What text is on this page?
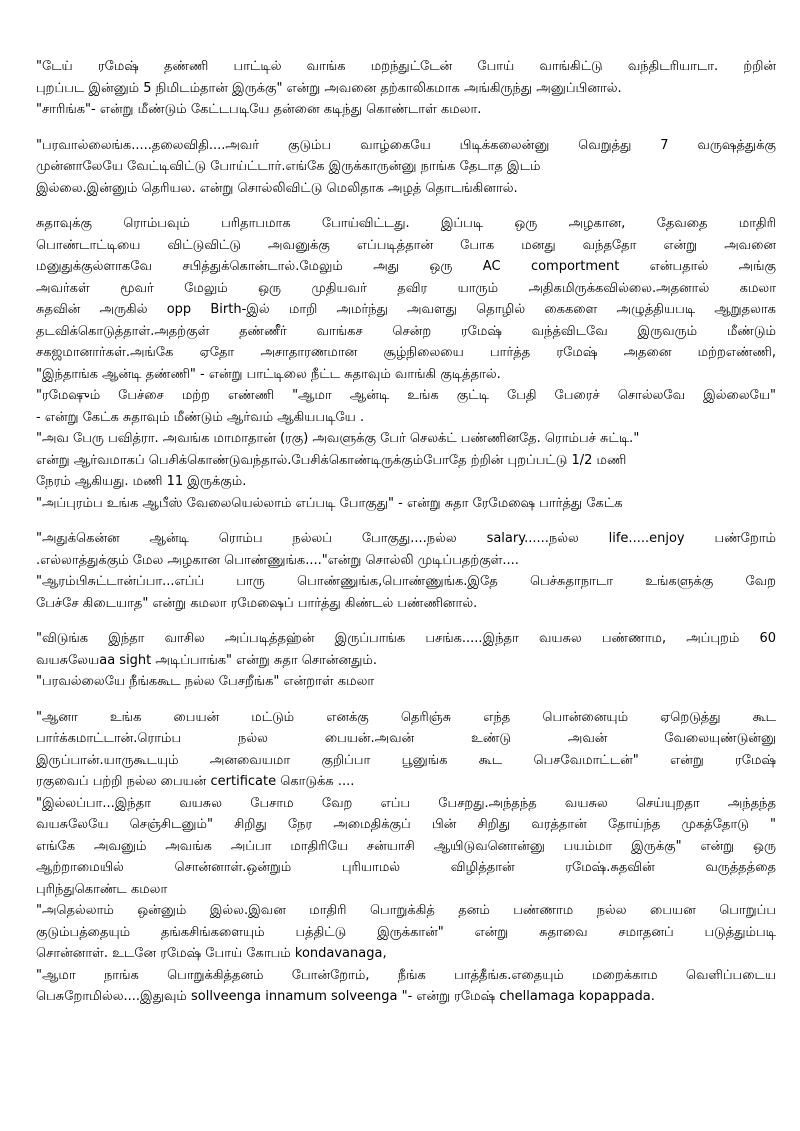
"டேய் ரமேஷ் தண்ணி பாட்டில் வாங்க மறந்துட்டேன் போய் வாங்கிட்டு வந்திடரியாடா. ற்றின்
புறப்பட இன்னும் 5 நிமிடம்தான் இருக்கு" என்று அவனை தற்காலிகமாக அங்கிருந்து அனுப்பினால்.
"சாரிங்க"- என்று மீண்டும் கேட்டபடியே தன்னை கடிந்து கொண்டாள் கமலா.
"பரவால்லைங்க.....தலைவிதி....அவர் குடும்ப வாழ்கையே பிடிக்கலைன்னு வெறுத்து 7 வருஷத்துக்கு
முன்னாலேயே வேட்டிவிட்டு போய்ட்டார்.எங்கே இருக்காருன்னு நாங்க தேடாத இடம்
இல்லை.இன்னும் தெரியல. என்று சொல்லிவிட்டு மெலிதாக அழத் தொடங்கினால்.
சுதாவுக்கு ரொம்பவும் பரிதாபமாக போய்விட்டது. இப்படி ஒரு அழகான, தேவதை மாதிரி
பொண்டாட்டியை விட்டுவிட்டு அவனுக்கு எப்படித்தான் போக மனது வந்ததோ என்று அவனை
மனுதுக்குல்ளாகவே சபித்துக்கொன்டால்.மேலும் அது ஒரு AC comportment என்பதால் அங்கு
அவர்கள் மூவர் மேலும் ஒரு முதியவர் தவிர யாரும் அதிகமிருக்கவில்லை.அதனால் கமலா
சுதவின் அருகில் opp Birth-இல் மாறி அமர்ந்து அவளது தொழில் கைகளை அழுத்தியபடி ஆறுதலாக
தடவிக்கொடுத்தாள்.அதற்குள் தண்ணீர் வாங்கச சென்ற ரமேஷ் வந்த்விடவே இருவரும் மீண்டும்
சகஜமானார்கள்.அங்கே ஏதோ அசாதாரணமான சூழ்நிலையை பார்த்த ரமேஷ் அதனை மற்றஎண்ணி,
"இந்தாங்க ஆன்டி தண்ணி" - என்று பாட்டிலை நீட்ட சுதாவும் வாங்கி குடித்தால்.
"ரமேஷும் பேச்சை மற்ற எண்ணி "ஆமா ஆன்டி உங்க குட்டி பேதி பேரைச் சொல்லவே இல்லையே"
- என்று கேட்க சுதாவும் மீண்டும் ஆர்வம் ஆகியபடியே .
"அவ பேரு பவித்ரா. அவங்க மாமாதான் (ரகு) அவளுக்கு பேர் செலக்ட் பண்ணினதே. ரொம்பச் சுட்டி."
என்று ஆர்வமாகப் பெசிக்கொண்டுவந்தால்.பேசிக்கொண்டிருக்கும்போதே ற்றின் புறப்பட்டு 1/2 மணி
நேரம் ஆகியது. மணி 11 இருக்கும்.
"அப்புரம்ப உங்க ஆபீஸ் வேலையெல்லாம் எப்படி போகுது" - என்று சுதா ரேமேஷை பார்த்து கேட்க
"அதுக்கென்ன ஆன்டி ரொம்ப நல்லப் போகுது....நல்ல salary......நல்ல life.....enjoy பண்றோம்
.எல்லாத்துக்கும் மேல அழகான பொண்ணுங்க...."என்று சொல்லி முடிப்பதற்குள்....
"ஆரம்பிசுட்டான்ப்பா...எப்ப் பாரு பொண்ணுங்க,பொண்ணுங்க.இதே பெச்சுதாநாடா உங்களுக்கு வேற
பேச்சே கிடையாத" என்று கமலா ரமேஷைப் பார்த்து கிண்டல் பண்ணினால்.
"விடுங்க இந்தா வாசில அப்படித்தஹ்ன் இருப்பாங்க பசங்க.....இந்தா வயசுல பண்ணாம, அப்புறம் 60
வயசுலேயaa sight அடிப்பாங்க" என்று சுதா சொன்னதும்.
"பரவல்லையே நீங்ககூட நல்ல பேசறீங்க" என்றாள் கமலா
"ஆனா உங்க பையன் மட்டும் எனக்கு தெரிஞ்சு எந்த பொன்னையும் ஏறெடுத்து கூட
பார்க்கமாட்டான்.ரொம்ப நல்ல பையன்.அவன் உண்டு அவன் வேலையுண்டுன்னு
இருப்பான்.யாருகூடயும் அனவையமா குறிப்பா பூனுங்க கூட பெசவேமாட்டன்" என்று ரமேஷ்
ரகுவைப் பற்றி நல்ல பையன் certificate கொடுக்க ....
"இல்லப்பா...இந்தா வயசுல பேசாம வேற எப்ப பேசறது.அந்தந்த வயசுல செய்யுறதா அந்தந்த
வயசுலேயே செஞ்சிடனும்" சிறிது நேர அமைதிக்குப் பின் சிறிது வரத்தான் தோய்ந்த முகத்தோடு "
எங்கே அவனும் அவங்க அப்பா மாதிரியே சன்யாசி ஆயிடுவனொன்னு பயம்மா இருக்கு" என்று ஒரு
ஆற்றாமையில் சொன்னாள்.ஒன்றும் புரியாமல் விழித்தான் ரமேஷ்.சுதவின் வருத்தத்தை
புரிந்துகொண்ட கமலா
"அதெல்லாம் ஒன்னும் இல்ல.இவன மாதிரி பொறுக்கித் தனம் பண்ணாம நல்ல பையன பொறுப்ப
குடும்பத்தையும் தங்கசிங்களையும் பத்திட்டு இருக்கான்" என்று சுதாவை சமாதனப் படுத்தும்படி
சொன்னாள். உடனே ரமேஷ் போய் கோபம் kondavanaga,
"ஆமா நாங்க பொறுக்கித்தனம் போன்றோம், நீங்க பாத்தீங்க.எதையும் மறைக்காம வெளிப்படைய
பெசுறோமில்ல....இதுவும் sollveenga innamum solveenga "- என்று ரமேஷ் chellamaga kopappada.
